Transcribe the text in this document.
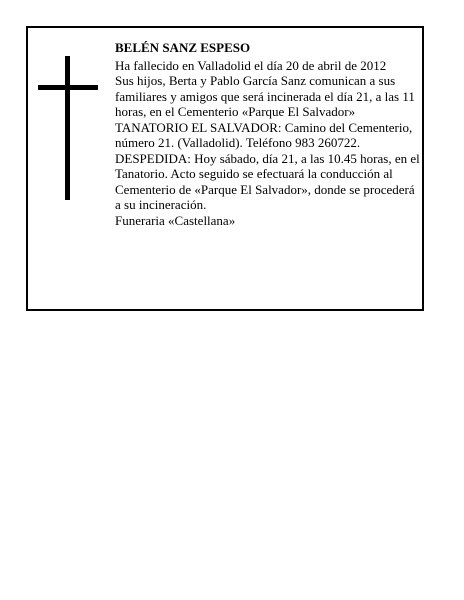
BELÉN SANZ ESPESO

Ha fallecido en Valladolid el día 20 de abril de 2012

Sus hijos, Berta y Pablo García Sanz comunican a sus familiares y amigos que será incinerada el día 21, a las 11 horas, en el Cementerio «Parque El Salvador»

TANATORIO EL SALVADOR: Camino del Cementerio, número 21. (Valladolid). Teléfono 983 260722.

DESPEDIDA: Hoy sábado, día 21, a las 10.45 horas, en el Tanatorio. Acto seguido se efectuará la conducción al Cementerio de «Parque El Salvador», donde se procederá a su incineración.

Funeraria «Castellana»
